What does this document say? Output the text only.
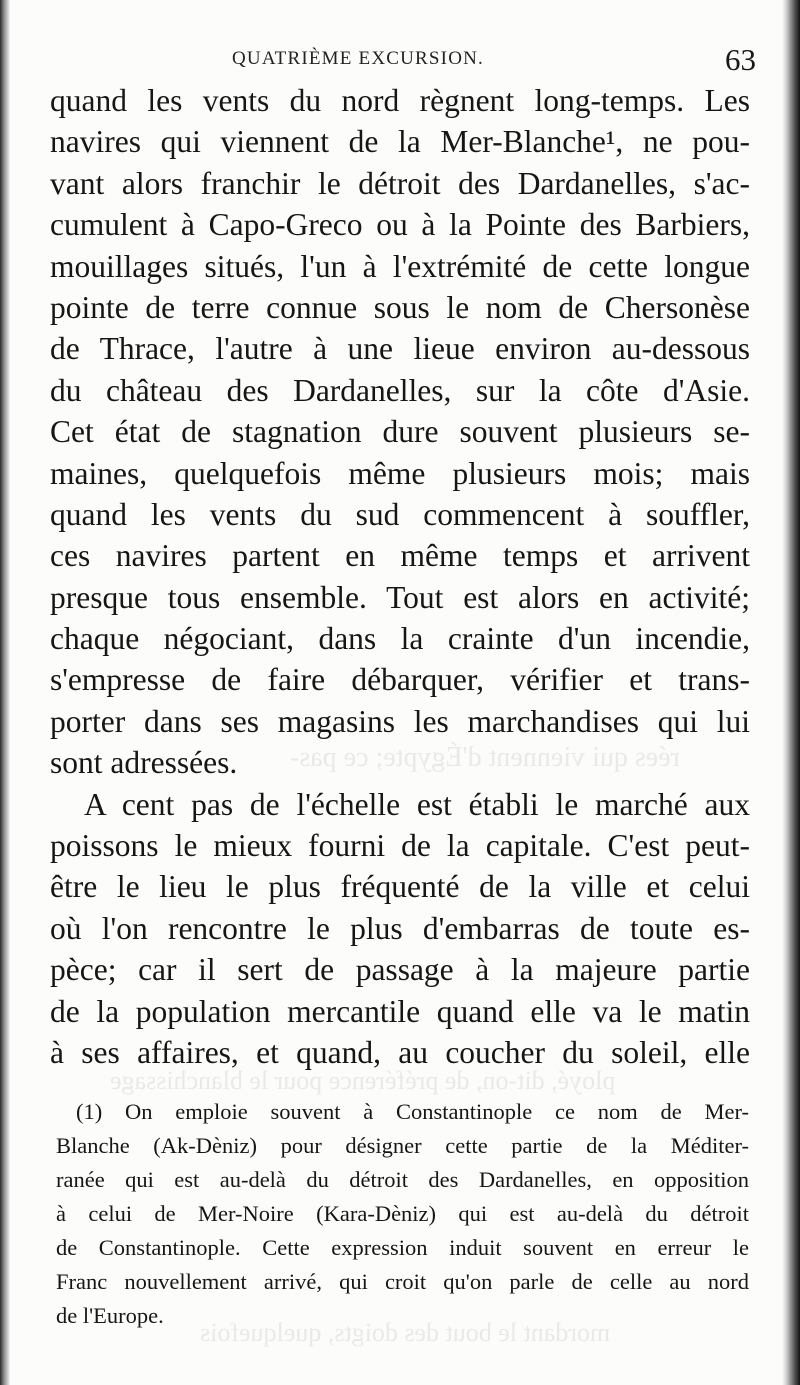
rées qui viennent d'Égypte; ce pas-
ployé, dit-on, de préférence pour le blanchissage
mordant le bout des doigts, quelquefois
QUATRIÈME EXCURSION.	63
quand les vents du nord règnent long-temps. Les
navires qui viennent de la Mer-Blanche¹, ne pou-
vant alors franchir le détroit des Dardanelles, s'ac-
cumulent à Capo-Greco ou à la Pointe des Barbiers,
mouillages situés, l'un à l'extrémité de cette longue
pointe de terre connue sous le nom de Chersonèse
de Thrace, l'autre à une lieue environ au-dessous
du château des Dardanelles, sur la côte d'Asie.
Cet état de stagnation dure souvent plusieurs se-
maines, quelquefois même plusieurs mois; mais
quand les vents du sud commencent à souffler,
ces navires partent en même temps et arrivent
presque tous ensemble. Tout est alors en activité;
chaque négociant, dans la crainte d'un incendie,
s'empresse de faire débarquer, vérifier et trans-
porter dans ses magasins les marchandises qui lui
sont adressées.
A cent pas de l'échelle est établi le marché aux
poissons le mieux fourni de la capitale. C'est peut-
être le lieu le plus fréquenté de la ville et celui
où l'on rencontre le plus d'embarras de toute es-
pèce; car il sert de passage à la majeure partie
de la population mercantile quand elle va le matin
à ses affaires, et quand, au coucher du soleil, elle
(1) On emploie souvent à Constantinople ce nom de Mer-
Blanche (Ak-Dèniz) pour désigner cette partie de la Méditer-
ranée qui est au-delà du détroit des Dardanelles, en opposition
à celui de Mer-Noire (Kara-Dèniz) qui est au-delà du détroit
de Constantinople. Cette expression induit souvent en erreur le
Franc nouvellement arrivé, qui croit qu'on parle de celle au nord
de l'Europe.
